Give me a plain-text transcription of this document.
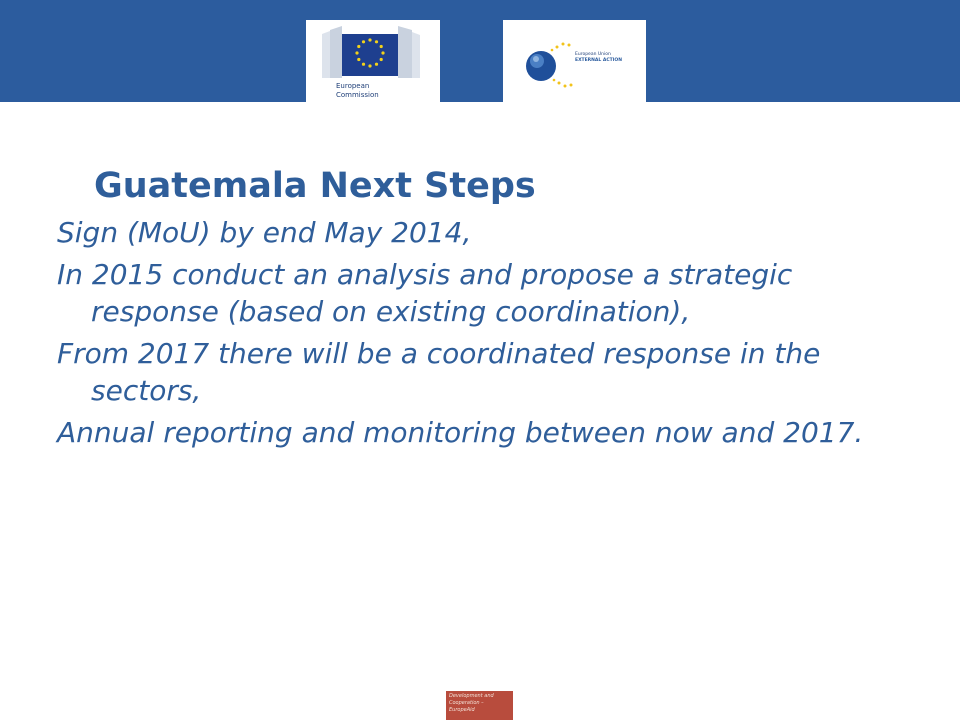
European
Commission
European Union
EXTERNAL ACTION
Guatemala Next Steps
Sign (MoU) by end May 2014,
In 2015 conduct an analysis and propose a strategic response (based on existing coordination),
From 2017 there will be a coordinated response in the sectors,
Annual reporting and monitoring between now and 2017.
Development and
Cooperation –
EuropeAid
